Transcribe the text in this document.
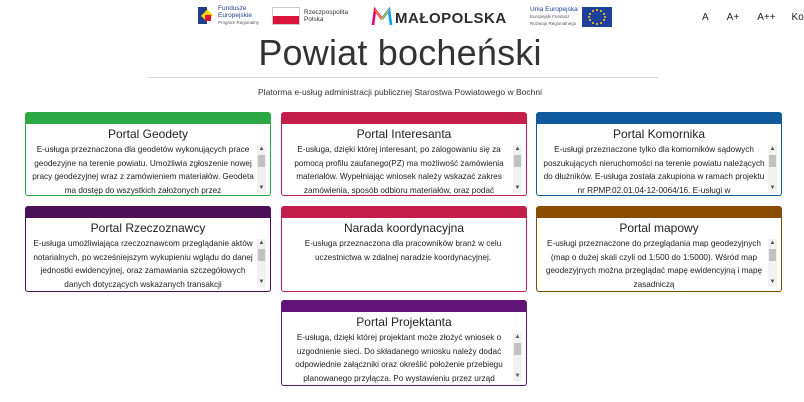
Fundusze
Europejskie
Program Regionalny
Rzeczpospolita
Polska	MAŁOPOLSKA
Unia Europejska
Europejski Fundusz
Rozwoju Regionalnego
A A+ A++ Ko
Powiat bocheński
Platorma e-usług administracji publicznej Starostwa Powiatowego w Bochni
Portal Geodety
E-usługa przeznaczona dla geodetów wykonujących prace geodezyjne na terenie powiatu. Umożliwia zgłoszenie nowej pracy geodezyjnej wraz z zamówieniem materiałów. Geodeta ma dostęp do wszystkich założonych przez
▲
▼
Portal Interesanta
E-usługa, dzięki której interesant, po zalogowaniu się za pomocą profilu zaufanego(PZ) ma możliwość zamówienia materiałów. Wypełniając wniosek należy wskazać zakres zamówienia, sposób odbioru materiałów, oraz podać
▲
▼
Portal Komornika
E-usługi przeznaczone tylko dla komorników sądowych poszukujących nieruchomości na terenie powiatu należących do dłużników. E-usługa została zakupiona w ramach projektu nr RPMP.02.01.04-12-0064/16. E-usługi w
▲
▼
Portal Rzeczoznawcy
E-usługa umożliwiająca rzeczoznawcom przeglądanie aktów notarialnych, po wcześniejszym wykupieniu wglądu do danej jednostki ewidencyjnej, oraz zamawiania szczegółowych danych dotyczących wskazanych transakcji
▲
▼
Narada koordynacyjna
E-usługa przeznaczona dla pracowników branż w celu uczestnictwa w zdalnej naradzie koordynacyjnej.
Portal mapowy
E-usługi przeznaczone do przeglądania map geodezyjnych (map o dużej skali czyli od 1:500 do 1:5000). Wśród map geodezyjnych można przeglądać mapę ewidencyjną i mapę zasadniczą
▲
▼
Portal Projektanta
E-usługa, dzięki której projektant może złożyć wniosek o uzgodnienie sieci. Do składanego wniosku należy dodać odpowiednie załączniki oraz określić położenie przebiegu planowanego przyłącza. Po wystawieniu przez urząd
▲
▼
